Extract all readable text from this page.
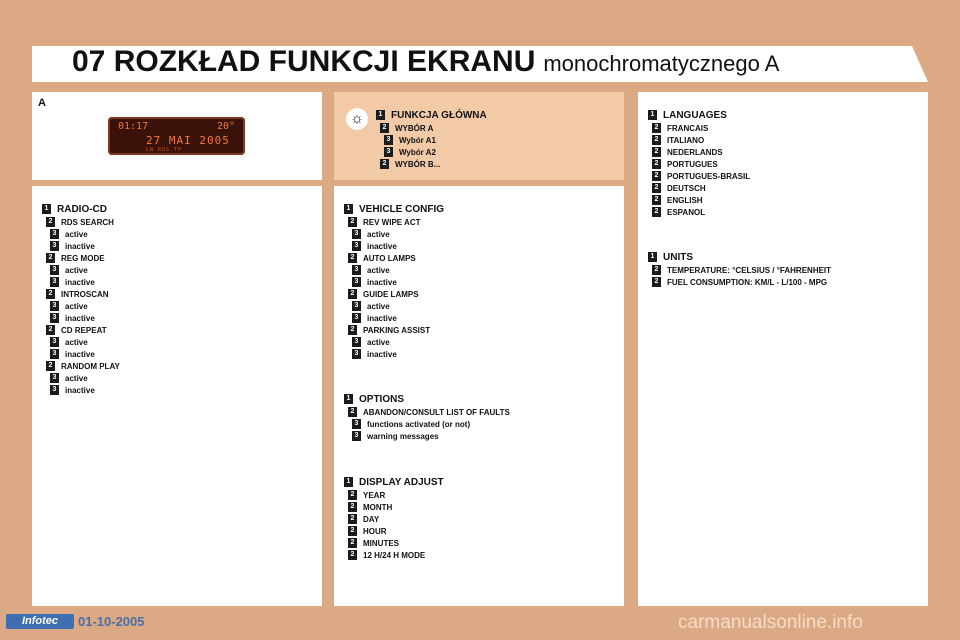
07 ROZKŁAD FUNKCJI EKRANU monochromatycznego A
A
01:17	20°
27 MAI 2005
LN RDS TP
☼	1 FUNKCJA GŁÓWNA
2	WYBÓR A
3	Wybór A1
3	Wybór A2
2	WYBÓR B...
1 RADIO-CD
2	RDS SEARCH
3	active
3	inactive
2	REG MODE
3	active
3	inactive
2	INTROSCAN
3	active
3	inactive
2	CD REPEAT
3	active
3	inactive
2	RANDOM PLAY
3	active
3	inactive
1 VEHICLE CONFIG
2	REV WIPE ACT
3	active
3	inactive
2	AUTO LAMPS
3	active
3	inactive
2	GUIDE LAMPS
3	active
3	inactive
2	PARKING ASSIST
3	active
3	inactive
1 OPTIONS
2	ABANDON/CONSULT LIST OF FAULTS
3	functions activated (or not)
3	warning messages
1 DISPLAY ADJUST
2	YEAR
2	MONTH
2	DAY
2	HOUR
2	MINUTES
2	12 H/24 H MODE
1 LANGUAGES
2	FRANCAIS
2	ITALIANO
2	NEDERLANDS
2	PORTUGUES
2	PORTUGUES-BRASIL
2	DEUTSCH
2	ENGLISH
2	ESPANOL
1 UNITS
2	TEMPERATURE: °CELSIUS / °FAHRENHEIT
2	FUEL CONSUMPTION: KM/L - L/100 - MPG
Infotec	01-10-2005	carmanualsonline.info
